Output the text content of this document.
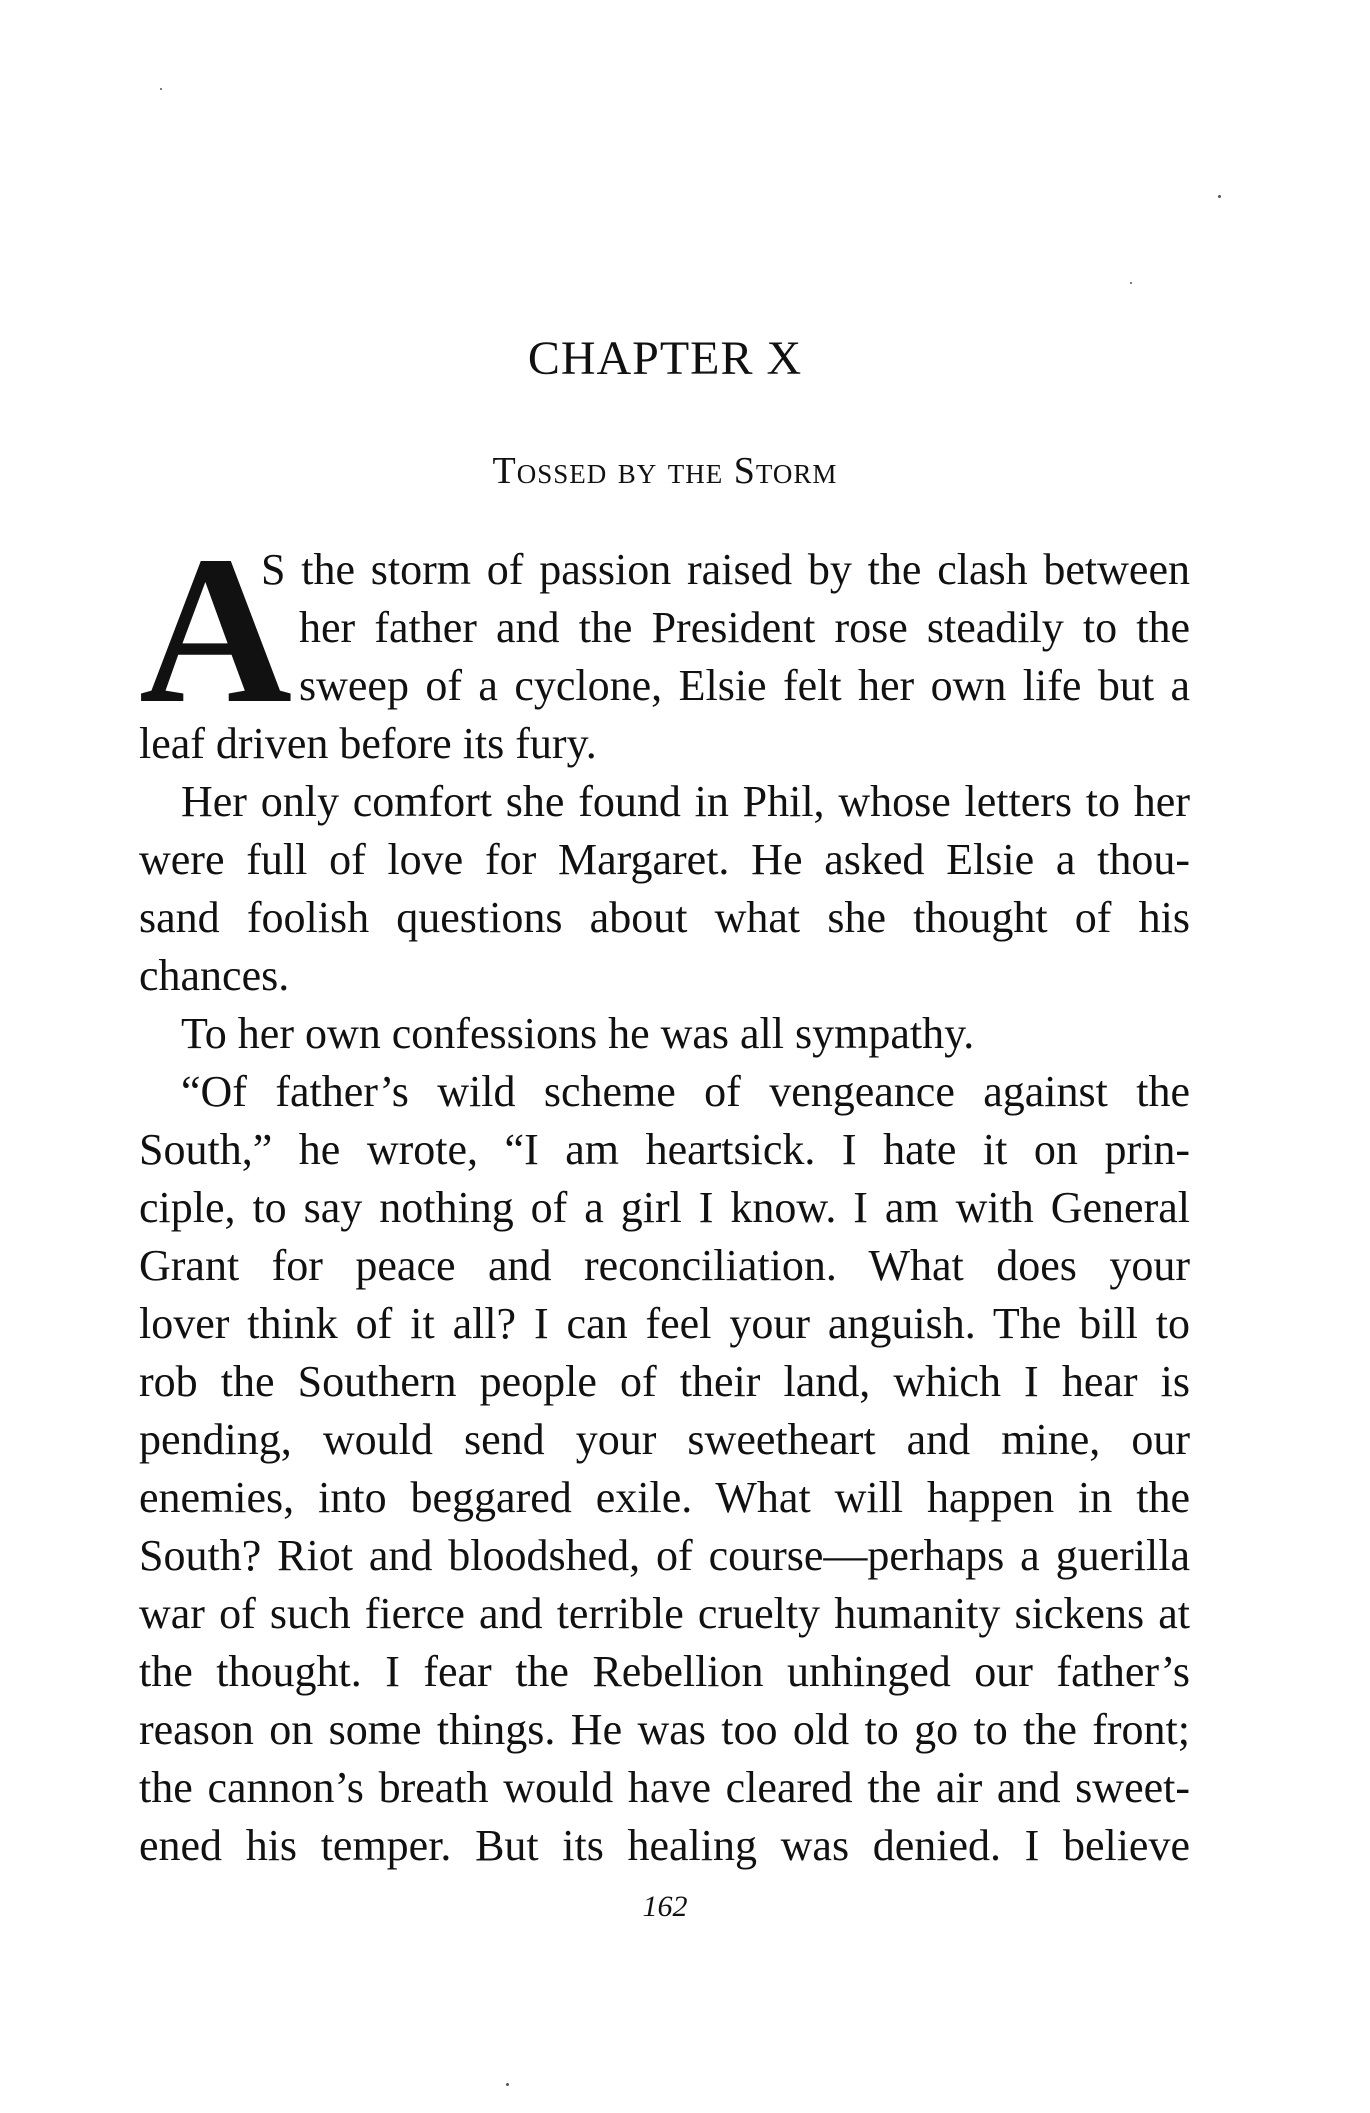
CHAPTER X
Tossed by the Storm
A
S the storm of passion raised by the clash between
her father and the President rose steadily to the
sweep of a cyclone, Elsie felt her own life but a
leaf driven before its fury.
Her only comfort she found in Phil, whose letters to her
were full of love for Margaret. He asked Elsie a thou-
sand foolish questions about what she thought of his
chances.
To her own confessions he was all sympathy.
“Of father’s wild scheme of vengeance against the
South,” he wrote, “I am heartsick. I hate it on prin-
ciple, to say nothing of a girl I know. I am with General
Grant for peace and reconciliation. What does your
lover think of it all? I can feel your anguish. The bill to
rob the Southern people of their land, which I hear is
pending, would send your sweetheart and mine, our
enemies, into beggared exile. What will happen in the
South? Riot and bloodshed, of course—perhaps a guerilla
war of such fierce and terrible cruelty humanity sickens at
the thought. I fear the Rebellion unhinged our father’s
reason on some things. He was too old to go to the front;
the cannon’s breath would have cleared the air and sweet-
ened his temper. But its healing was denied. I believe
162
